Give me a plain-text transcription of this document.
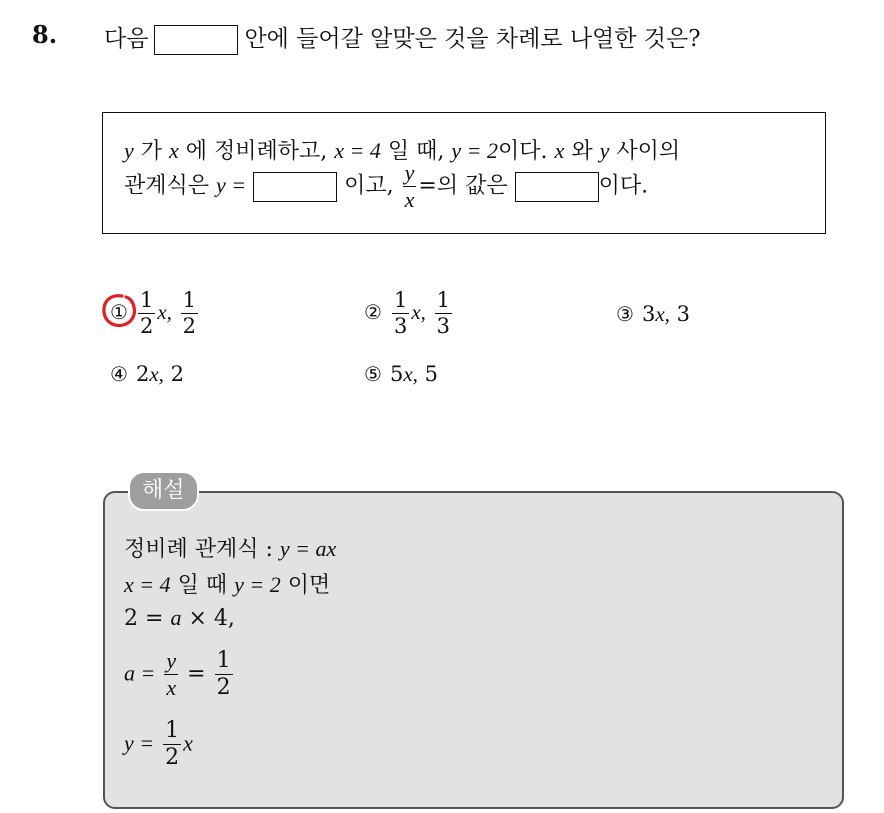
8. 다음	안에 들어갈 알맞은 것을 차례로 나열한 것은?
y 가 x 에 정비례하고, x = 4 일 때, y = 2이다. x 와 y 사이의
관계식은 y =	이고, $\frac{y}{x}$ =의 값은	이다.
① $\frac{1}{2} x$, $\frac{1}{2}$	② $\frac{1}{3} x$, $\frac{1}{3}$	③ 3x, 3
④ 2x, 2	⑤ 5x, 5
해설
정비례 관계식 : y = ax
x = 4 일 때 y = 2 이면
2 = a × 4,
$a = \frac{y}{x} = \frac{1}{2}$
$y = \frac{1}{2}$ x
